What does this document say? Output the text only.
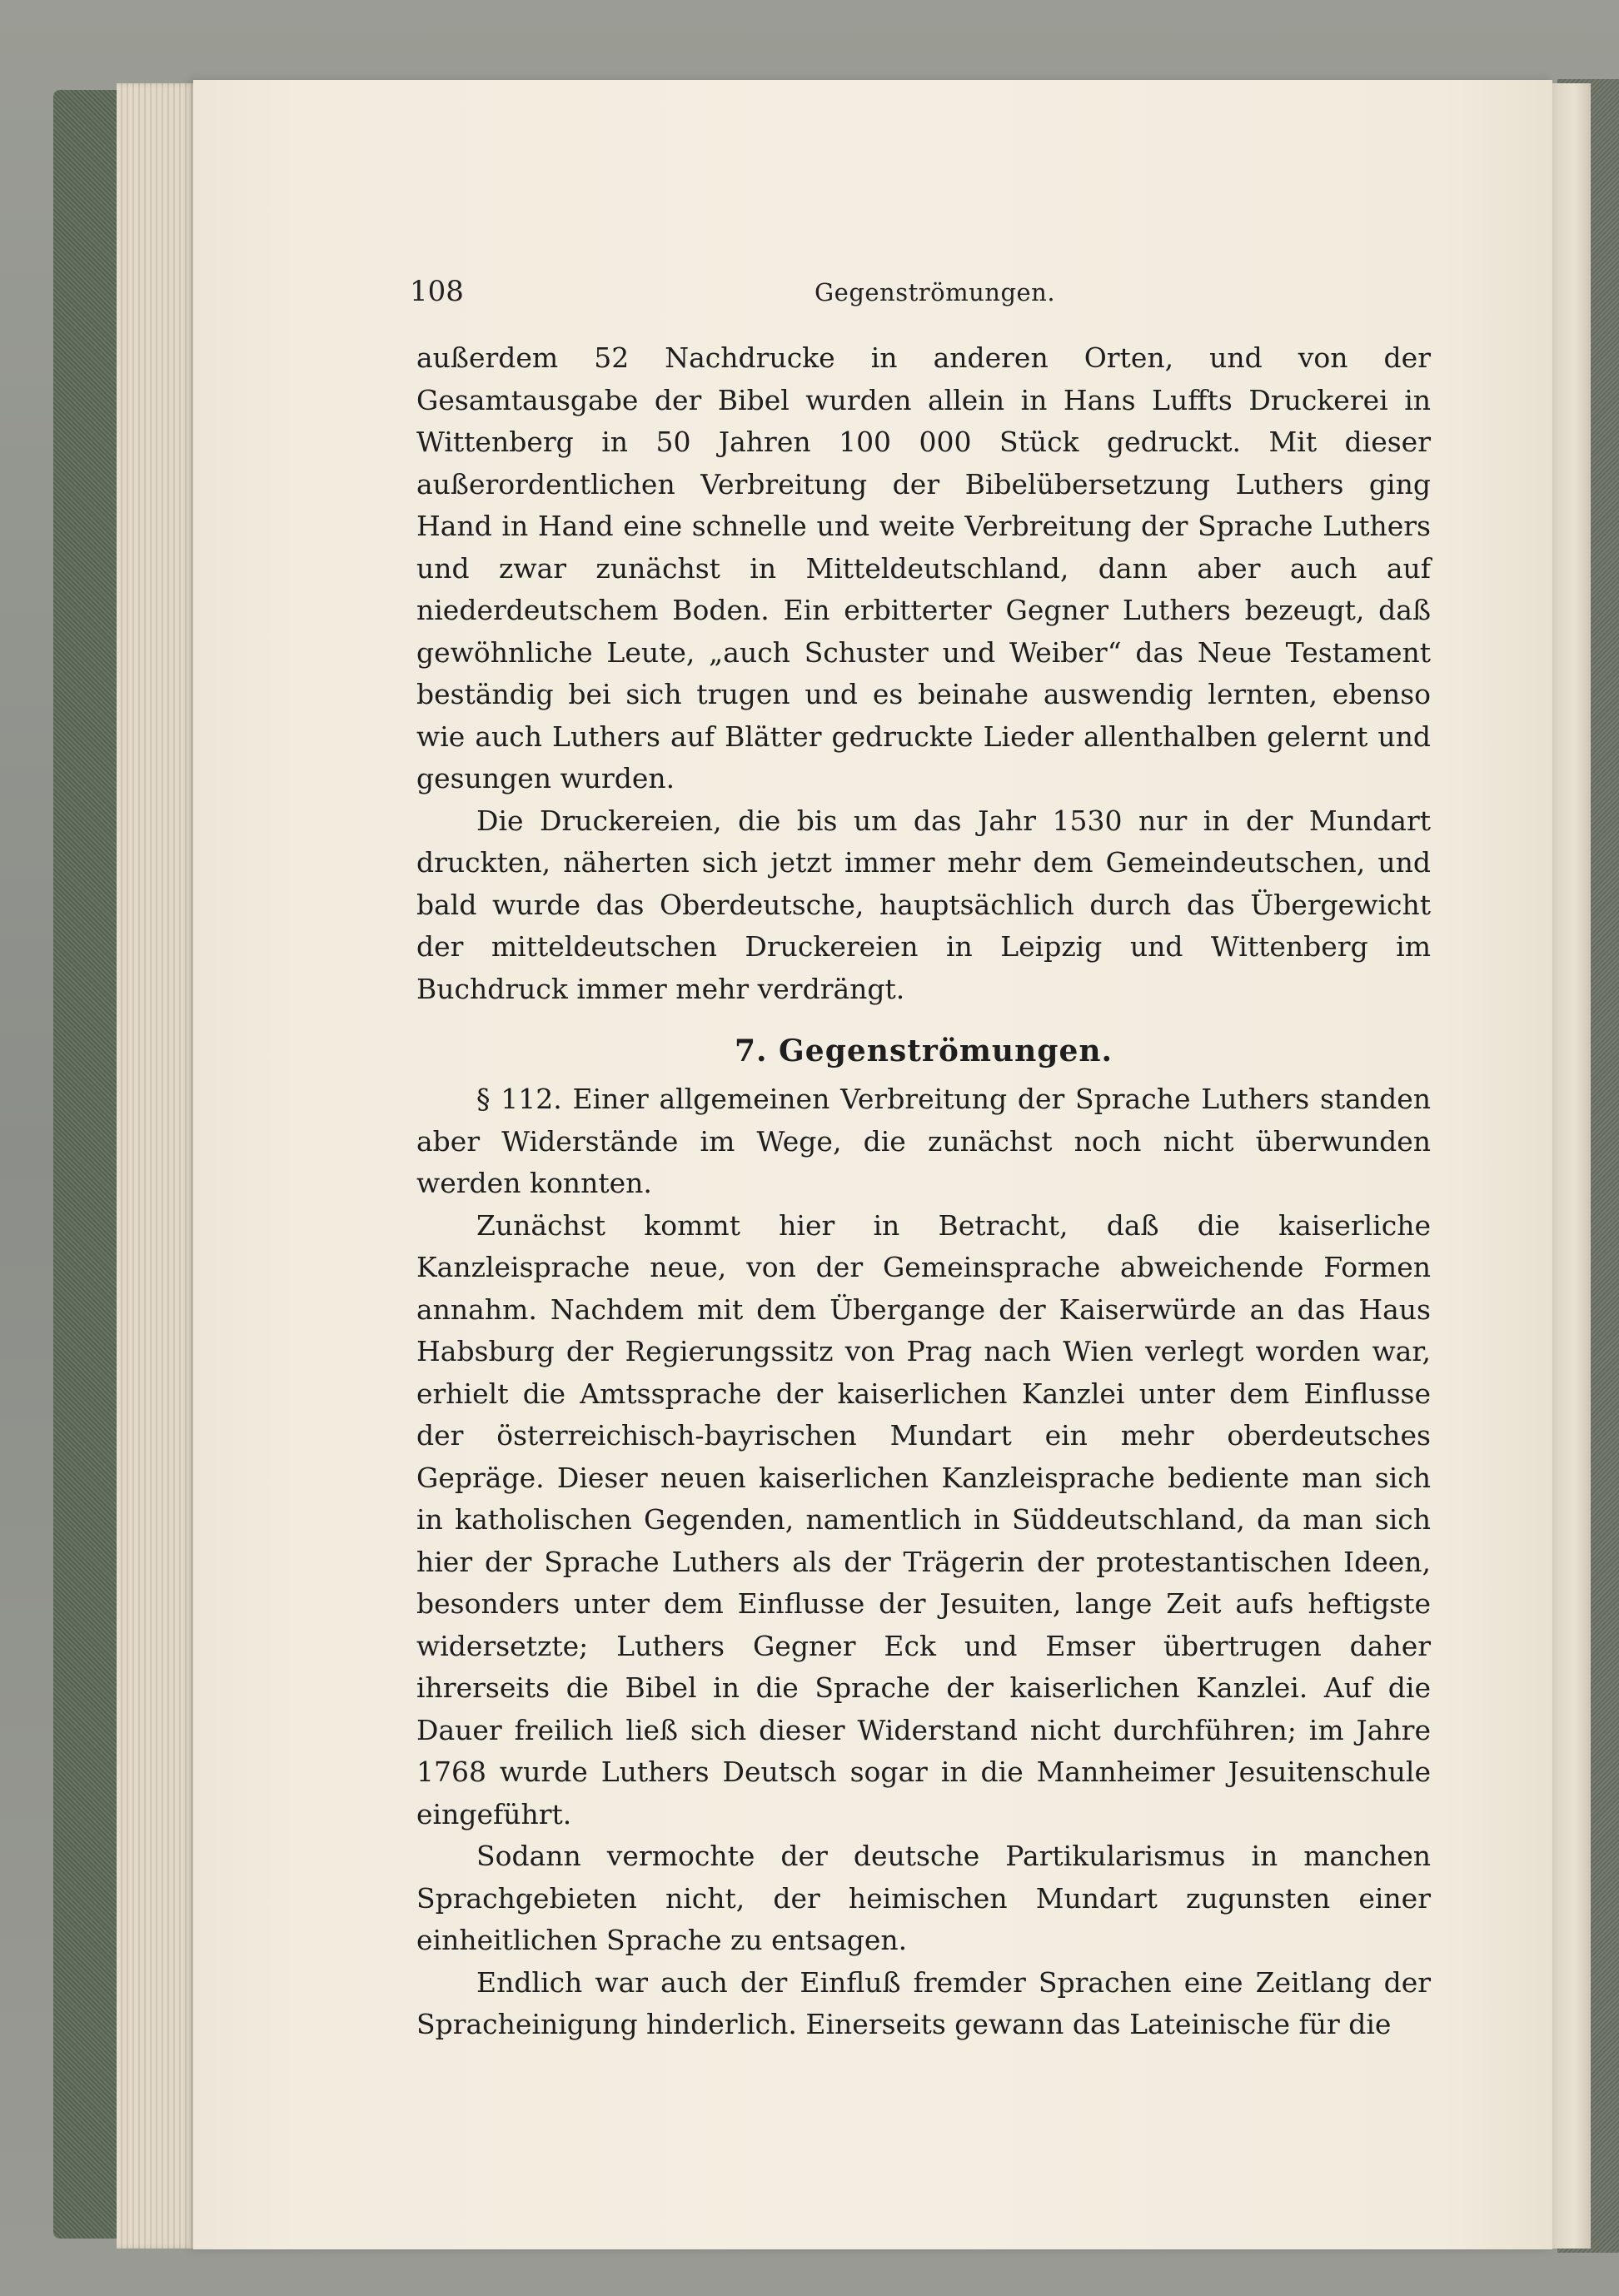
108	Gegenströmungen.

außerdem 52 Nachdrucke in anderen Orten, und von der Gesamtausgabe der Bibel wurden allein in Hans Luffts Druckerei in Wittenberg in 50 Jahren 100 000 Stück gedruckt. Mit dieser außerordentlichen Verbreitung der Bibelübersetzung Luthers ging Hand in Hand eine schnelle und weite Verbreitung der Sprache Luthers und zwar zunächst in Mitteldeutschland, dann aber auch auf niederdeutschem Boden. Ein erbitterter Gegner Luthers bezeugt, daß gewöhnliche Leute, „auch Schuster und Weiber“ das Neue Testament beständig bei sich trugen und es beinahe auswendig lernten, ebenso wie auch Luthers auf Blätter gedruckte Lieder allenthalben gelernt und gesungen wurden.

Die Druckereien, die bis um das Jahr 1530 nur in der Mundart druckten, näherten sich jetzt immer mehr dem Gemeindeutschen, und bald wurde das Oberdeutsche, hauptsächlich durch das Übergewicht der mitteldeutschen Druckereien in Leipzig und Wittenberg im Buchdruck immer mehr verdrängt.

7. Gegenströmungen.

§ 112. Einer allgemeinen Verbreitung der Sprache Luthers standen aber Widerstände im Wege, die zunächst noch nicht überwunden werden konnten.

Zunächst kommt hier in Betracht, daß die kaiserliche Kanzleisprache neue, von der Gemeinsprache abweichende Formen annahm. Nachdem mit dem Übergange der Kaiserwürde an das Haus Habsburg der Regierungssitz von Prag nach Wien verlegt worden war, erhielt die Amtssprache der kaiserlichen Kanzlei unter dem Einflusse der österreichisch-bayrischen Mundart ein mehr oberdeutsches Gepräge. Dieser neuen kaiserlichen Kanzleisprache bediente man sich in katholischen Gegenden, namentlich in Süddeutschland, da man sich hier der Sprache Luthers als der Trägerin der protestantischen Ideen, besonders unter dem Einflusse der Jesuiten, lange Zeit aufs heftigste widersetzte; Luthers Gegner Eck und Emser übertrugen daher ihrerseits die Bibel in die Sprache der kaiserlichen Kanzlei. Auf die Dauer freilich ließ sich dieser Widerstand nicht durchführen; im Jahre 1768 wurde Luthers Deutsch sogar in die Mannheimer Jesuitenschule eingeführt.

Sodann vermochte der deutsche Partikularismus in manchen Sprachgebieten nicht, der heimischen Mundart zugunsten einer einheitlichen Sprache zu entsagen.

Endlich war auch der Einfluß fremder Sprachen eine Zeitlang der Spracheinigung hinderlich. Einerseits gewann das Lateinische für die
